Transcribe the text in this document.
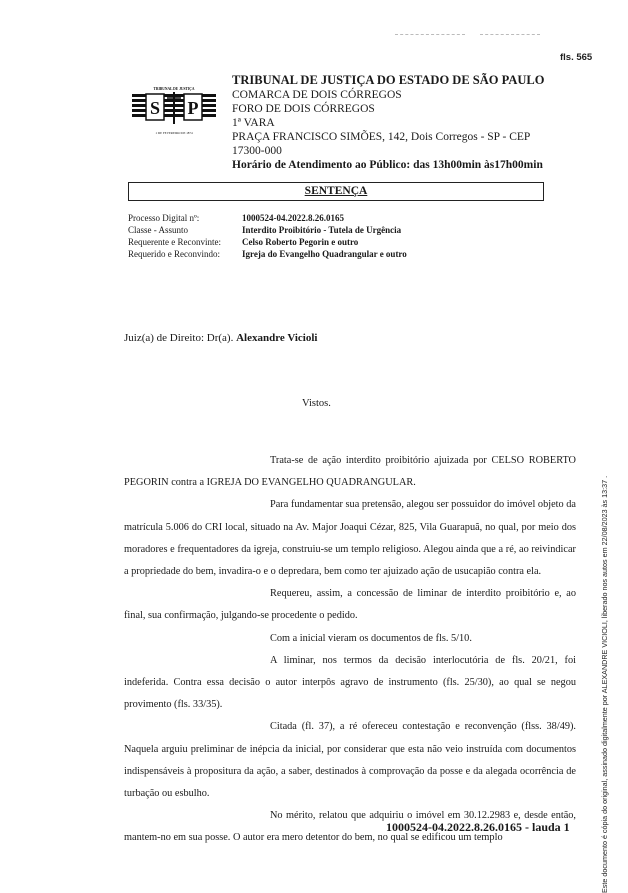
fls. 565
TRIBUNAL DE JUSTIÇA
S P
1 DE FEVEREIRO DE 1874
TRIBUNAL DE JUSTIÇA DO ESTADO DE SÃO PAULO
COMARCA DE DOIS CÓRREGOS
FORO DE DOIS CÓRREGOS
1ª VARA
PRAÇA FRANCISCO SIMÕES, 142, Dois Corregos - SP - CEP
17300-000
Horário de Atendimento ao Público: das 13h00min às17h00min
SENTENÇA
Processo Digital nº:	1000524-04.2022.8.26.0165
Classe - Assunto	Interdito Proibitório - Tutela de Urgência
Requerente e Reconvinte: Celso Roberto Pegorin e outro
Requerido e Reconvindo: Igreja do Evangelho Quadrangular e outro
Juiz(a) de Direito: Dr(a). Alexandre Vicioli
Vistos.

Trata-se de ação interdito proibitório ajuizada por CELSO ROBERTO PEGORIN contra a IGREJA DO EVANGELHO QUADRANGULAR.

Para fundamentar sua pretensão, alegou ser possuidor do imóvel objeto da matrícula 5.006 do CRI local, situado na Av. Major Joaqui Cézar, 825, Vila Guarapuã, no qual, por meio dos moradores e frequentadores da igreja, construiu-se um templo religioso. Alegou ainda que a ré, ao reivindicar a propriedade do bem, invadira-o e o depredara, bem como ter ajuizado ação de usucapião contra ela.

Requereu, assim, a concessão de liminar de interdito proibitório e, ao final, sua confirmação, julgando-se procedente o pedido.

Com a inicial vieram os documentos de fls. 5/10.

A liminar, nos termos da decisão interlocutória de fls. 20/21, foi indeferida. Contra essa decisão o autor interpôs agravo de instrumento (fls. 25/30), ao qual se negou provimento (fls. 33/35).

Citada (fl. 37), a ré ofereceu contestação e reconvenção (flss. 38/49). Naquela arguiu preliminar de inépcia da inicial, por considerar que esta não veio instruída com documentos indispensáveis à propositura da ação, a saber, destinados à comprovação da posse e da alegada ocorrência de turbação ou esbulho.

No mérito, relatou que adquiriu o imóvel em 30.12.2983 e, desde então, mantem-no em sua posse. O autor era mero detentor do bem, no qual se edificou um templo

1000524-04.2022.8.26.0165 - lauda 1	Este documento é cópia do original, assinado digitalmente por ALEXANDRE VICIOLI, liberado nos autos em 22/08/2023 às 13:37 .
